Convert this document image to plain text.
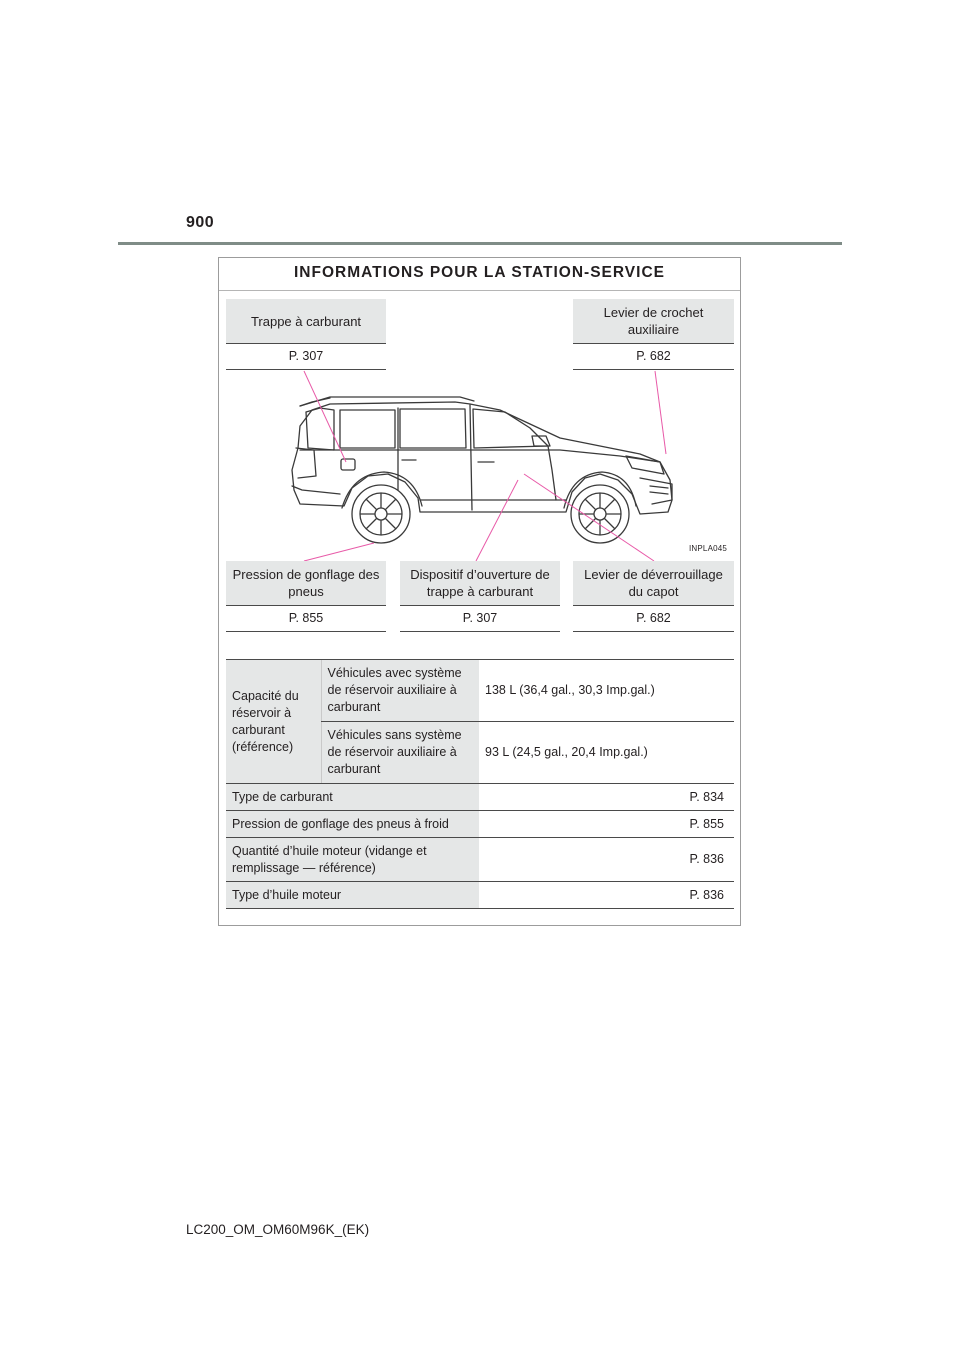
900
INFORMATIONS POUR LA STATION-SERVICE
Trappe à carburant
P. 307
Levier de crochet auxiliaire
P. 682
INPLA045
Pression de gonflage des pneus
P. 855
Dispositif d’ouverture de trappe à carburant
P. 307
Levier de déverrouillage du capot
P. 682
Capacité du réservoir à carburant (référence)	Véhicules avec système de réservoir auxiliaire à carburant	138 L (36,4 gal., 30,3 Imp.gal.)
	Véhicules sans système de réservoir auxiliaire à carburant	93 L (24,5 gal., 20,4 Imp.gal.)
Type de carburant		P. 834
Pression de gonflage des pneus à froid		P. 855
Quantité d’huile moteur (vidange et remplissage — référence)		P. 836
Type d’huile moteur		P. 836
LC200_OM_OM60M96K_(EK)
